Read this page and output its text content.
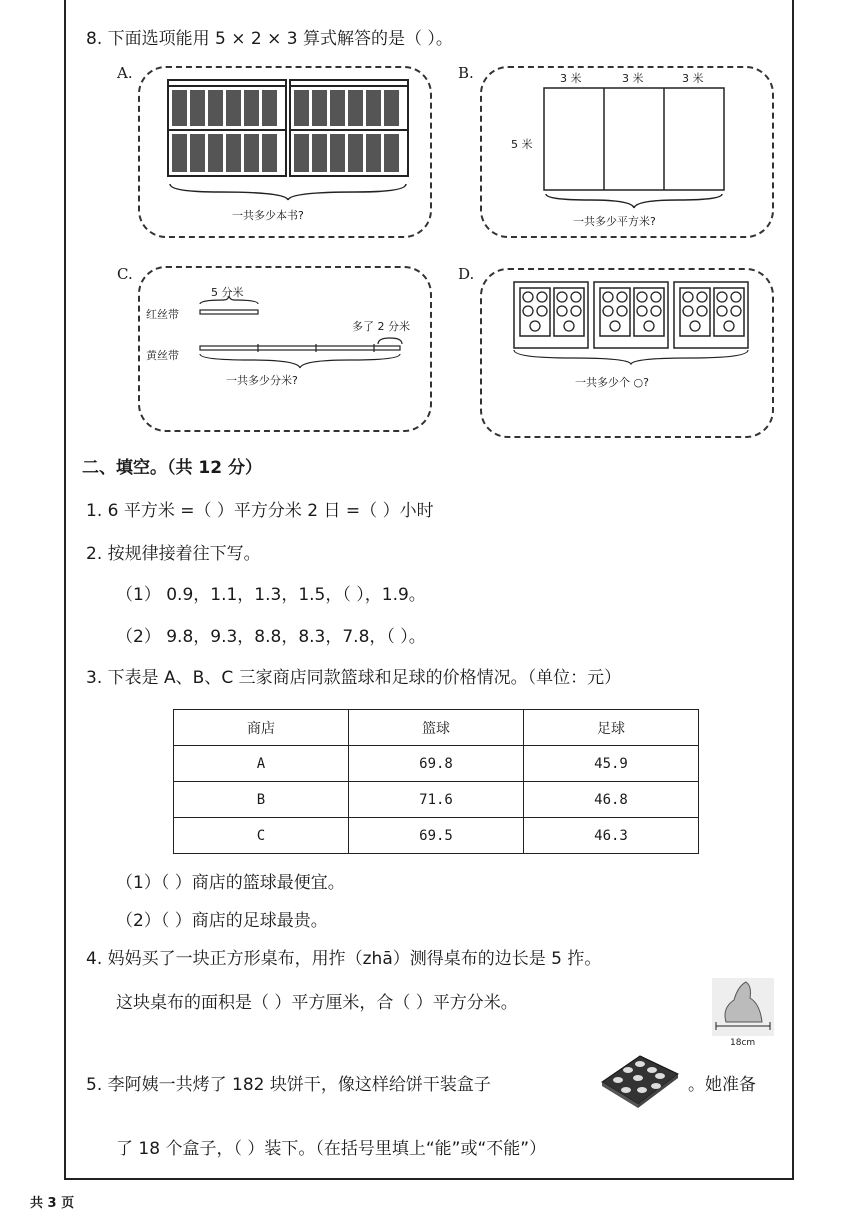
8. 下面选项能用 5 × 2 × 3 算式解答的是（ ）。
A.
一共多少本书?
B.	3 米	3 米	3 米
5 米
一共多少平方米?
C.
5 分米
红丝带
黄丝带
多了 2 分米
一共多少分米?
D.
一共多少个 ○?
二、填空。（共 12 分）
1. 6 平方米 =（ ）平方分米 2 日 =（ ）小时
2. 按规律接着往下写。
（1） 0.9，1.1，1.3，1.5，（ ），1.9。
（2） 9.8，9.3，8.8，8.3，7.8，（ ）。
3. 下表是 A、B、C 三家商店同款篮球和足球的价格情况。（单位：元）
商店	篮球	足球
A	69.8	45.9
B	71.6	46.8
C	69.5	46.3
（1）（ ）商店的篮球最便宜。
（2）（ ）商店的足球最贵。
4. 妈妈买了一块正方形桌布，用拃（zhā）测得桌布的边长是 5 拃。
这块桌布的面积是（ ）平方厘米，合（ ）平方分米。
18cm
5. 李阿姨一共烤了 182 块饼干，像这样给饼干装盒子	。她准备
了 18 个盒子，（ ）装下。（在括号里填上“能”或“不能”）
共 3 页
